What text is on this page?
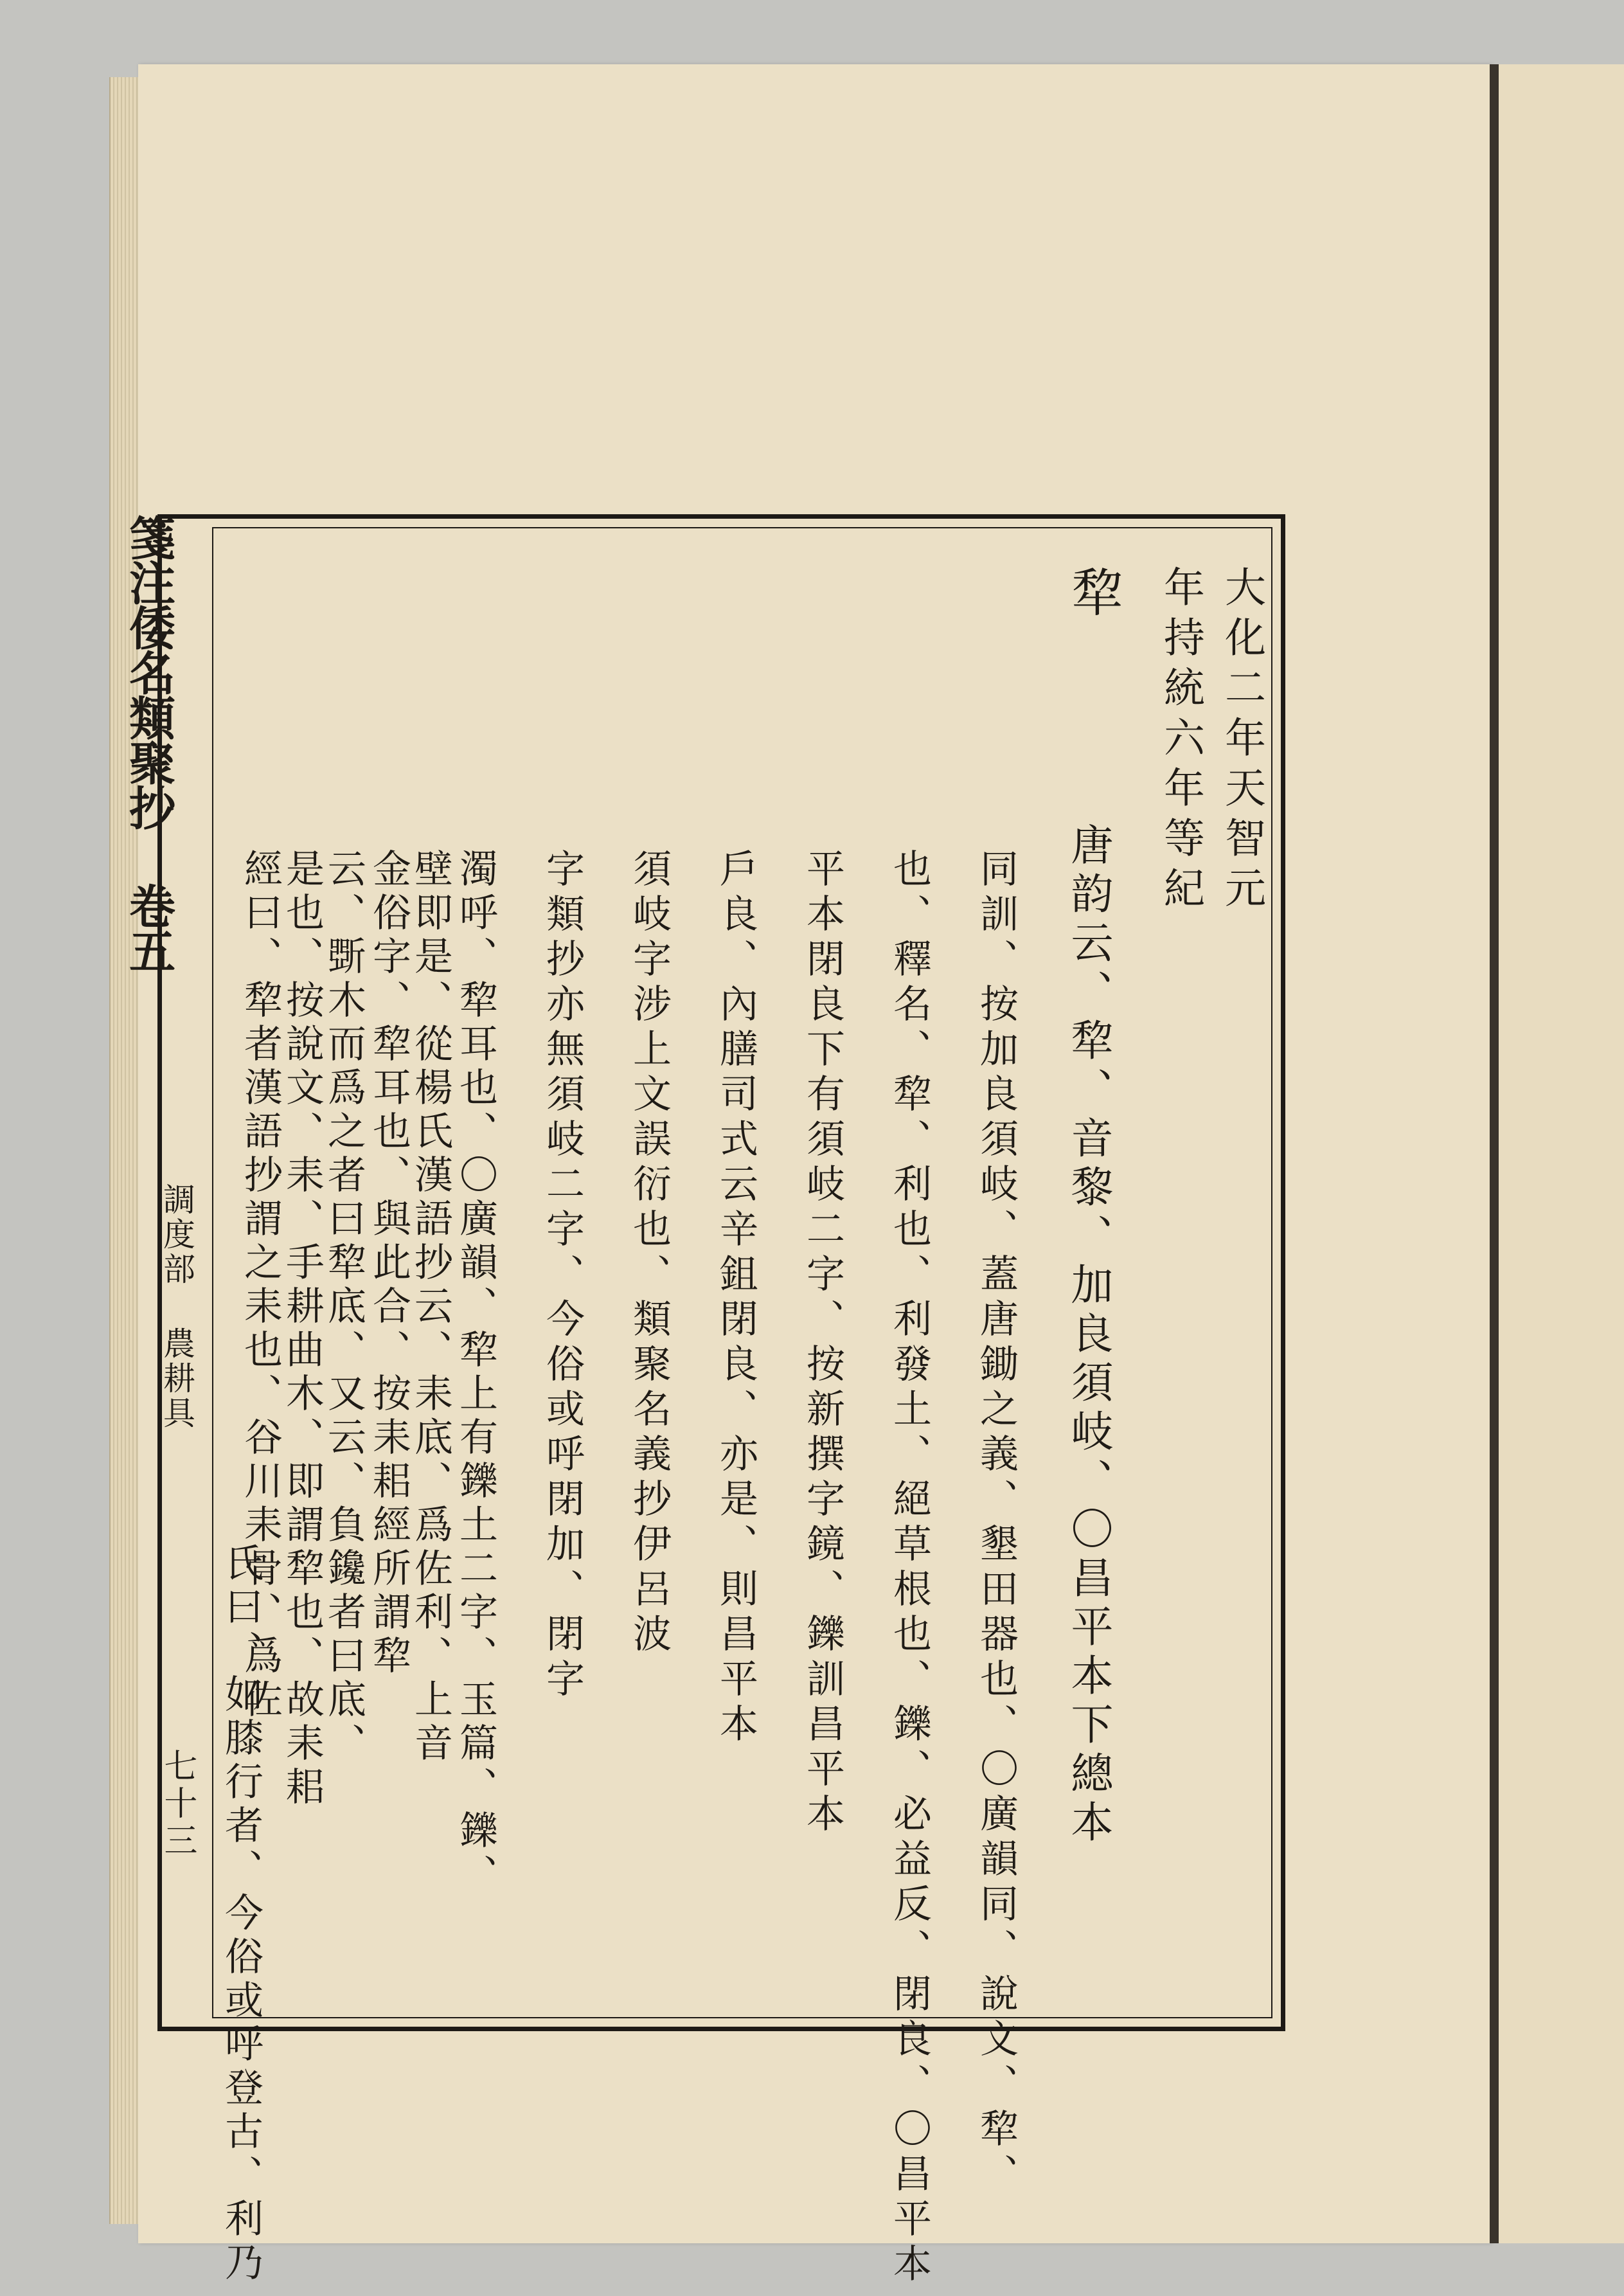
箋注倭名類聚抄 卷五
調度部 農耕具
七十三
大化二年天智元
年持統六年等紀
犂
唐韵云、犂、音黎、加良須岐、〇昌平本下總本
同訓、按加良須岐、蓋唐鋤之義、墾田器也、〇廣韻同、說文、犂、
也、釋名、犂、利也、利發土、絕草根也、鑠、必益反、閉良、〇昌平本
平本閉良下有須岐二字、按新撰字鏡、鑠訓昌平本
戶良、內膳司式云辛鉏閉良、亦是、則昌平本
須岐字涉上文誤衍也、類聚名義抄伊呂波
字類抄亦無須岐二字、今俗或呼閉加、閉字
濁呼、犂耳也、〇廣韻、犂上有鑠土二字、玉篇、鑠、
壁即是、從楊氏漢語抄云、耒底、爲佐利、上音
金俗字、犂耳也、與此合、按耒耜經所謂犂
云、斲木而爲之者曰犂底、又云、負鑱者曰底、
是也、按說文、耒、手耕曲木、即謂犂也、故耒耜
經曰、犂者漢語抄謂之耒也、谷川耒骨、爲佐
氏曰、如膝行者、今俗或呼登古、利乃
